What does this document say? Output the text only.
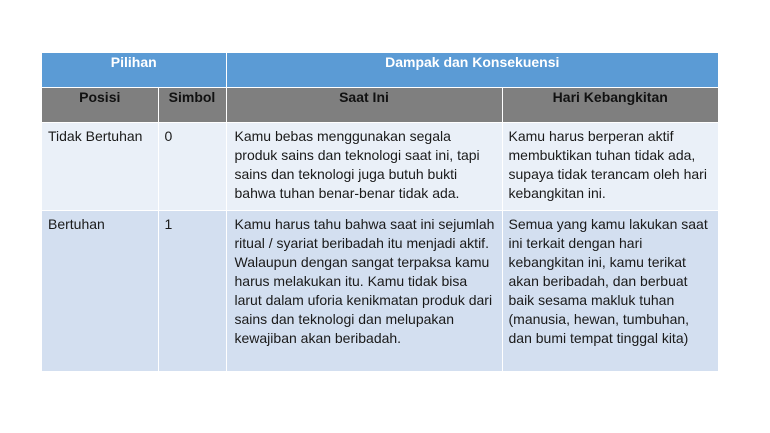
Pilihan		Dampak dan Konsekuensi	
Posisi	Simbol	Saat Ini	Hari Kebangkitan

Tidak Bertuhan	0	Kamu bebas menggunakan segala produk sains dan teknologi saat ini, tapi sains dan teknologi juga butuh bukti bahwa tuhan benar-benar tidak ada.	Kamu harus berperan aktif membuktikan tuhan tidak ada, supaya tidak terancam oleh hari kebangkitan ini.

Bertuhan	1	Kamu harus tahu bahwa saat ini sejumlah ritual / syariat beribadah itu menjadi aktif. Walaupun dengan sangat terpaksa kamu harus melakukan itu. Kamu tidak bisa larut dalam uforia kenikmatan produk dari sains dan teknologi dan melupakan kewajiban akan beribadah.	Semua yang kamu lakukan saat ini terkait dengan hari kebangkitan ini, kamu terikat akan beribadah, dan berbuat baik sesama makluk tuhan (manusia, hewan, tumbuhan, dan bumi tempat tinggal kita)
